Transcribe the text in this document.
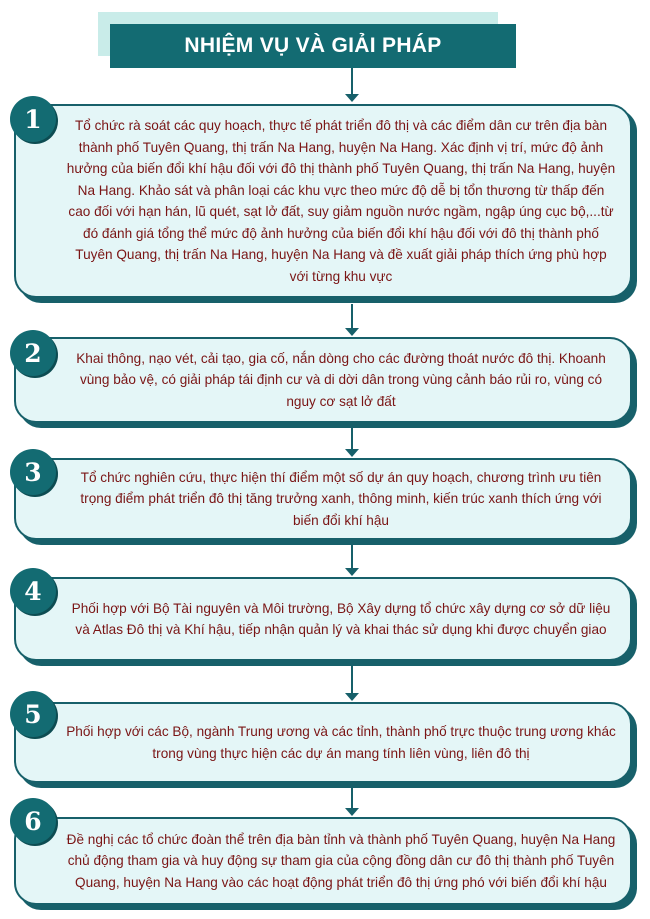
NHIỆM VỤ VÀ GIẢI PHÁP
Tổ chức rà soát các quy hoạch, thực tế phát triển đô thị và các điểm dân cư trên địa bàn thành phố Tuyên Quang, thị trấn Na Hang, huyện Na Hang. Xác định vị trí, mức độ ảnh hưởng của biến đổi khí hậu đối với đô thị thành phố Tuyên Quang, thị trấn Na Hang, huyện Na Hang. Khảo sát và phân loại các khu vực theo mức độ dễ bị tổn thương từ thấp đến cao đối với hạn hán, lũ quét, sạt lở đất, suy giảm nguồn nước ngầm, ngập úng cục bộ,...từ đó đánh giá tổng thể mức độ ảnh hưởng của biến đổi khí hậu đối với đô thị thành phố Tuyên Quang, thị trấn Na Hang, huyện Na Hang và đề xuất giải pháp thích ứng phù hợp với từng khu vực
Khai thông, nạo vét, cải tạo, gia cố, nắn dòng cho các đường thoát nước đô thị. Khoanh vùng bảo vệ, có giải pháp tái định cư và di dời dân trong vùng cảnh báo rủi ro, vùng có nguy cơ sạt lở đất
Tổ chức nghiên cứu, thực hiện thí điểm một số dự án quy hoạch, chương trình ưu tiên trọng điểm phát triển đô thị tăng trưởng xanh, thông minh, kiến trúc xanh thích ứng với biến đổi khí hậu
Phối hợp với Bộ Tài nguyên và Môi trường, Bộ Xây dựng tổ chức xây dựng cơ sở dữ liệu và Atlas Đô thị và Khí hậu, tiếp nhận quản lý và khai thác sử dụng khi được chuyển giao
Phối hợp với các Bộ, ngành Trung ương và các tỉnh, thành phố trực thuộc trung ương khác trong vùng thực hiện các dự án mang tính liên vùng, liên đô thị
Đề nghị các tổ chức đoàn thể trên địa bàn tỉnh và thành phố Tuyên Quang, huyện Na Hang chủ động tham gia và huy động sự tham gia của cộng đồng dân cư đô thị thành phố Tuyên Quang, huyện Na Hang vào các hoạt động phát triển đô thị ứng phó với biến đổi khí hậu
1
2
3
4
5
6
